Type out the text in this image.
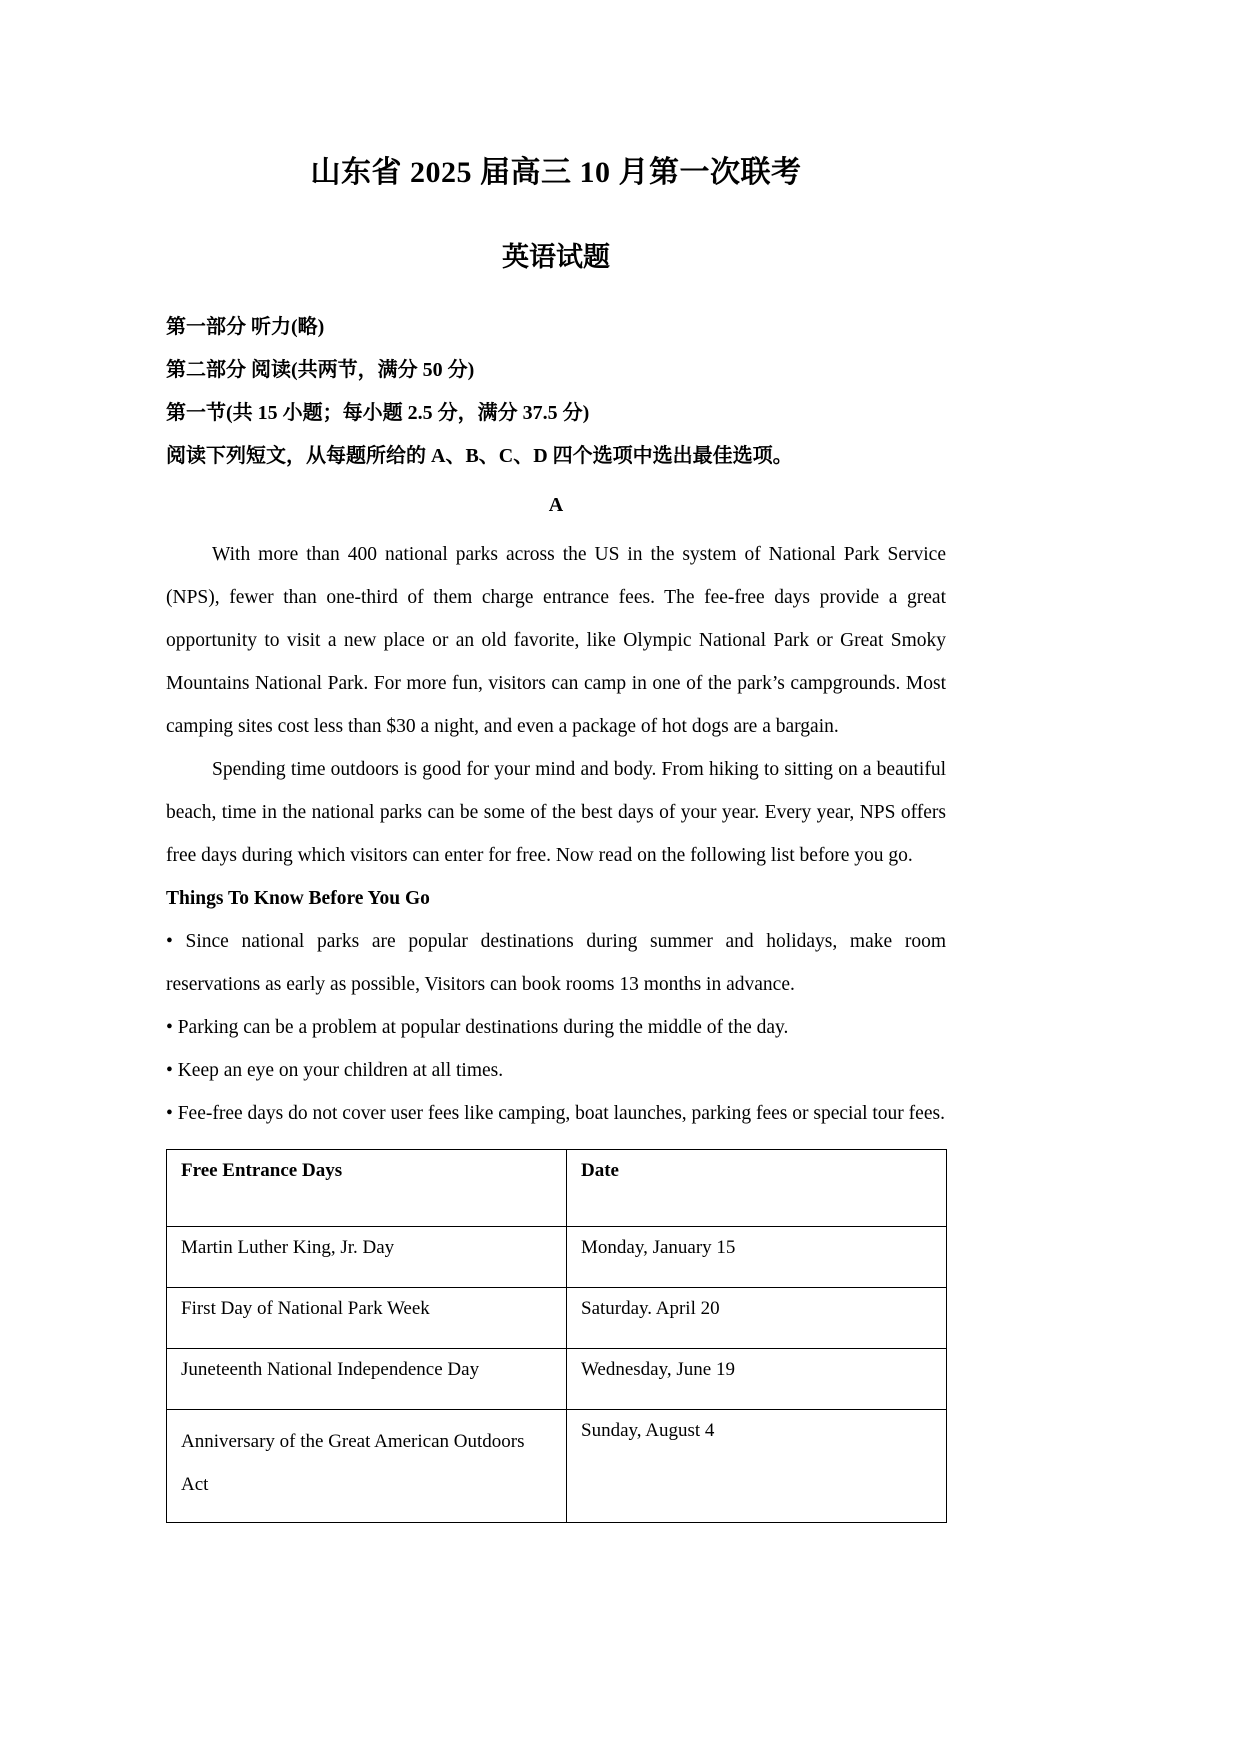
山东省 2025 届高三 10 月第一次联考
英语试题

第一部分 听力(略)

第二部分 阅读(共两节，满分 50 分)

第一节(共 15 小题；每小题 2.5 分，满分 37.5 分)

阅读下列短文，从每题所给的 A、B、C、D 四个选项中选出最佳选项。

A

With more than 400 national parks across the US in the system of National Park Service (NPS), fewer than one-third of them charge entrance fees. The fee-free days provide a great opportunity to visit a new place or an old favorite, like Olympic National Park or Great Smoky Mountains National Park. For more fun, visitors can camp in one of the park’s campgrounds. Most camping sites cost less than $30 a night, and even a package of hot dogs are a bargain.

Spending time outdoors is good for your mind and body. From hiking to sitting on a beautiful beach, time in the national parks can be some of the best days of your year. Every year, NPS offers free days during which visitors can enter for free. Now read on the following list before you go.

Things To Know Before You Go

• Since national parks are popular destinations during summer and holidays, make room reservations as early as possible, Visitors can book rooms 13 months in advance.

• Parking can be a problem at popular destinations during the middle of the day.

• Keep an eye on your children at all times.

• Fee-free days do not cover user fees like camping, boat launches, parking fees or special tour fees.

Free Entrance Days	Date
Martin Luther King, Jr. Day	Monday, January 15
First Day of National Park Week	Saturday. April 20
Juneteenth National Independence Day	Wednesday, June 19
Anniversary of the Great American Outdoors
Act	Sunday, August 4
